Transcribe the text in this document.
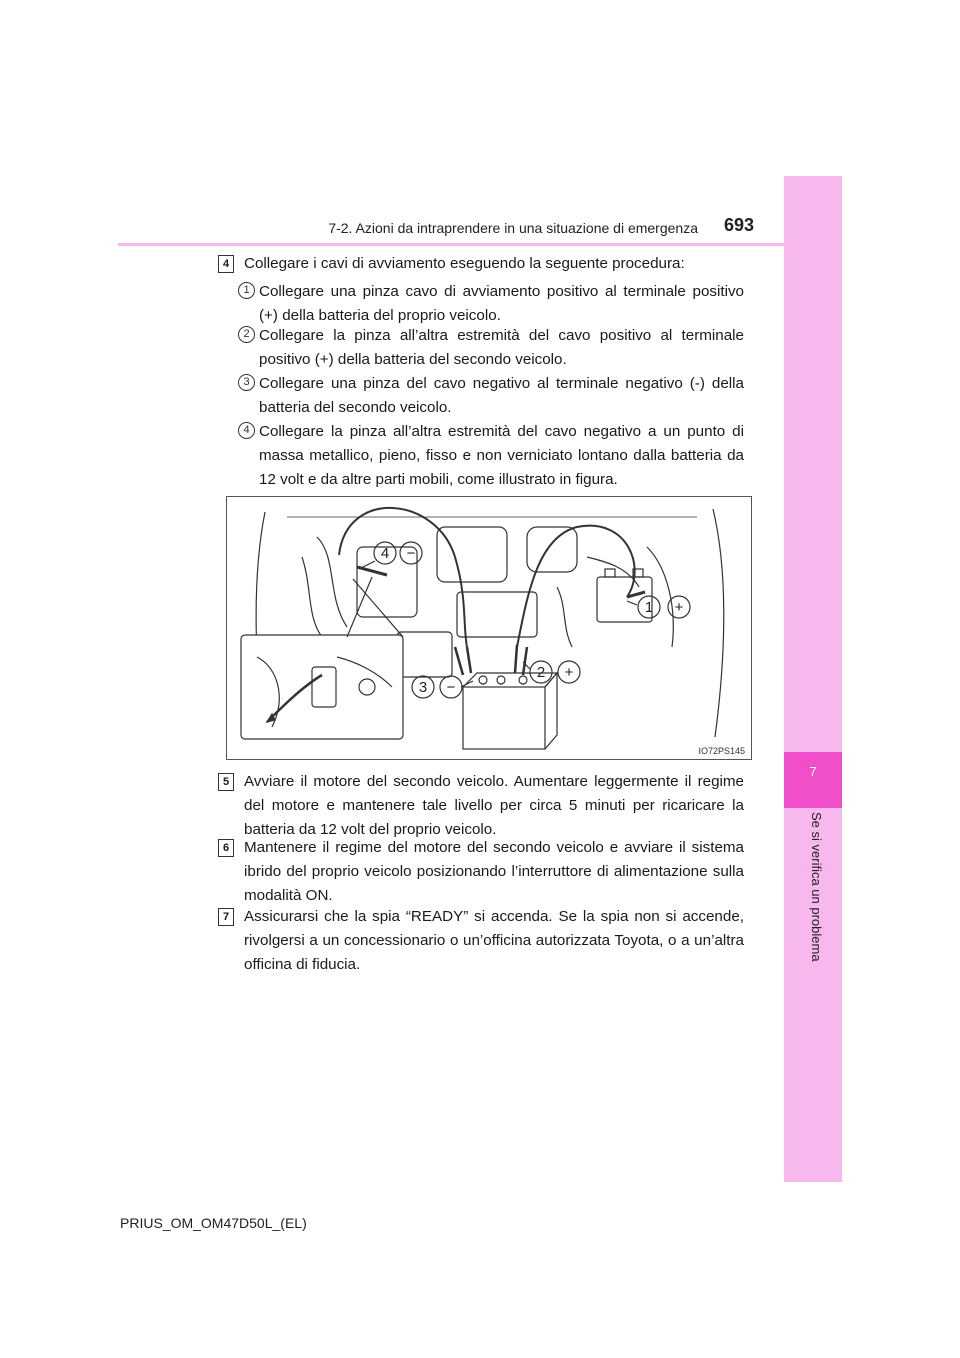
7
Se si verifica un problema
7-2. Azioni da intraprendere in una situazione di emergenza 693
4 Collegare i cavi di avviamento eseguendo la seguente procedura:
1 Collegare una pinza cavo di avviamento positivo al terminale positivo (+) della batteria del proprio veicolo.
2 Collegare la pinza all’altra estremità del cavo positivo al terminale positivo (+) della batteria del secondo veicolo.
3 Collegare una pinza del cavo negativo al terminale negativo (-) della batteria del secondo veicolo.
4 Collegare la pinza all’altra estremità del cavo negativo a un punto di massa metallico, pieno, fisso e non verniciato lontano dalla batteria da 12 volt e da altre parti mobili, come illustrato in figura.
4 −
1 +
2 +
3 −
IO72PS145
5 Avviare il motore del secondo veicolo. Aumentare leggermente il regime del motore e mantenere tale livello per circa 5 minuti per ricaricare la batteria da 12 volt del proprio veicolo.
6 Mantenere il regime del motore del secondo veicolo e avviare il sistema ibrido del proprio veicolo posizionando l’interruttore di alimentazione sulla modalità ON.
7 Assicurarsi che la spia “READY” si accenda. Se la spia non si accende, rivolgersi a un concessionario o un’officina autorizzata Toyota, o a un’altra officina di fiducia.
PRIUS_OM_OM47D50L_(EL)
